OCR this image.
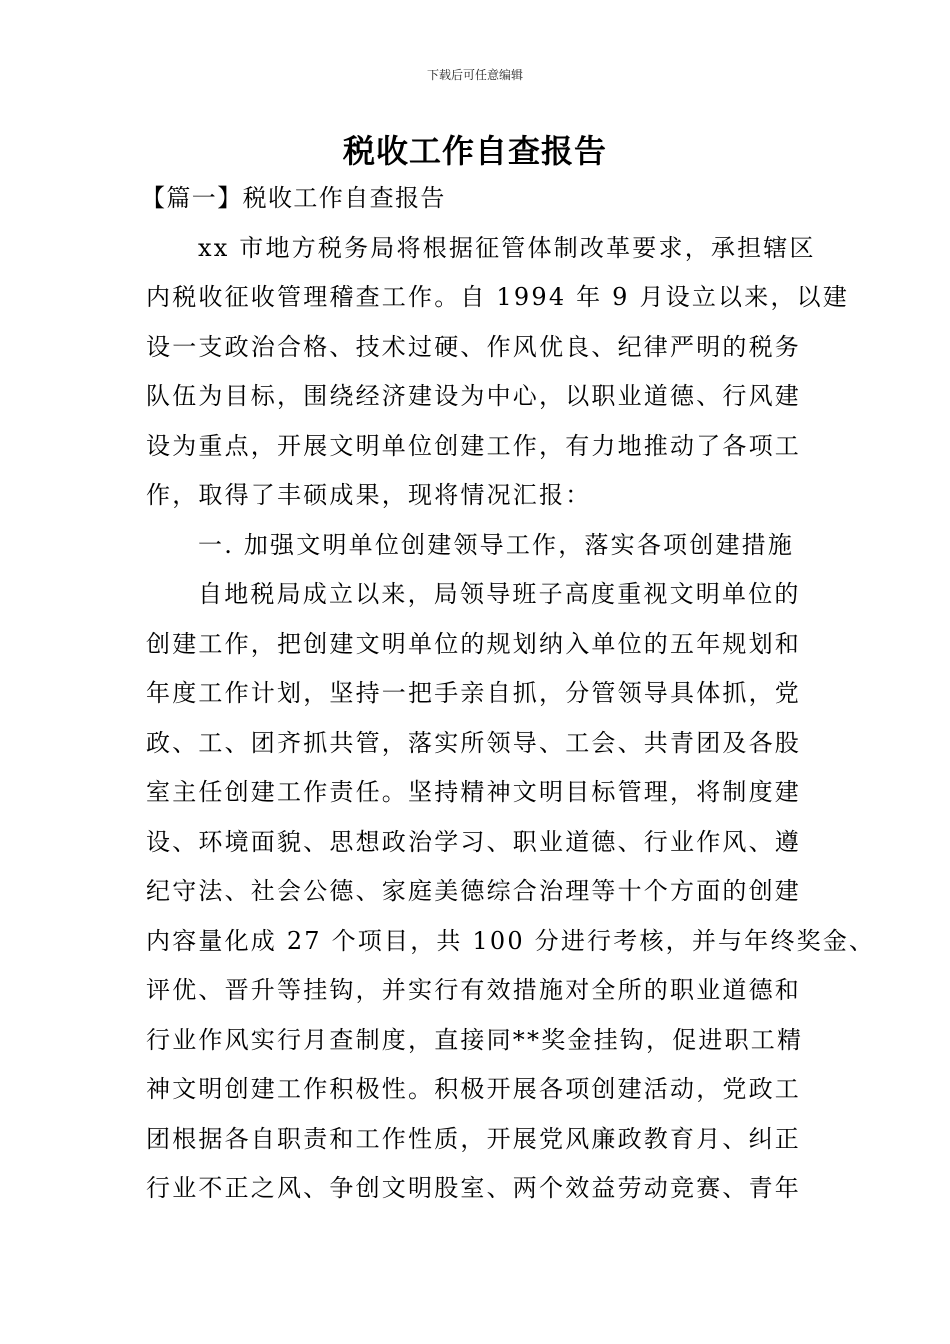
下载后可任意编辑
税收工作自查报告
【篇一】税收工作自查报告
xx 市地方税务局将根据征管体制改革要求，承担辖区
内税收征收管理稽查工作。自 1994 年 9 月设立以来，以建
设一支政治合格、技术过硬、作风优良、纪律严明的税务
队伍为目标，围绕经济建设为中心，以职业道德、行风建
设为重点，开展文明单位创建工作，有力地推动了各项工
作，取得了丰硕成果，现将情况汇报：
一. 加强文明单位创建领导工作，落实各项创建措施
自地税局成立以来，局领导班子高度重视文明单位的
创建工作，把创建文明单位的规划纳入单位的五年规划和
年度工作计划，坚持一把手亲自抓，分管领导具体抓，党
政、工、团齐抓共管，落实所领导、工会、共青团及各股
室主任创建工作责任。坚持精神文明目标管理，将制度建
设、环境面貌、思想政治学习、职业道德、行业作风、遵
纪守法、社会公德、家庭美德综合治理等十个方面的创建
内容量化成 27 个项目，共 100 分进行考核，并与年终奖金、
评优、晋升等挂钩，并实行有效措施对全所的职业道德和
行业作风实行月查制度，直接同**奖金挂钩，促进职工精
神文明创建工作积极性。积极开展各项创建活动，党政工
团根据各自职责和工作性质，开展党风廉政教育月、纠正
行业不正之风、争创文明股室、两个效益劳动竞赛、青年
